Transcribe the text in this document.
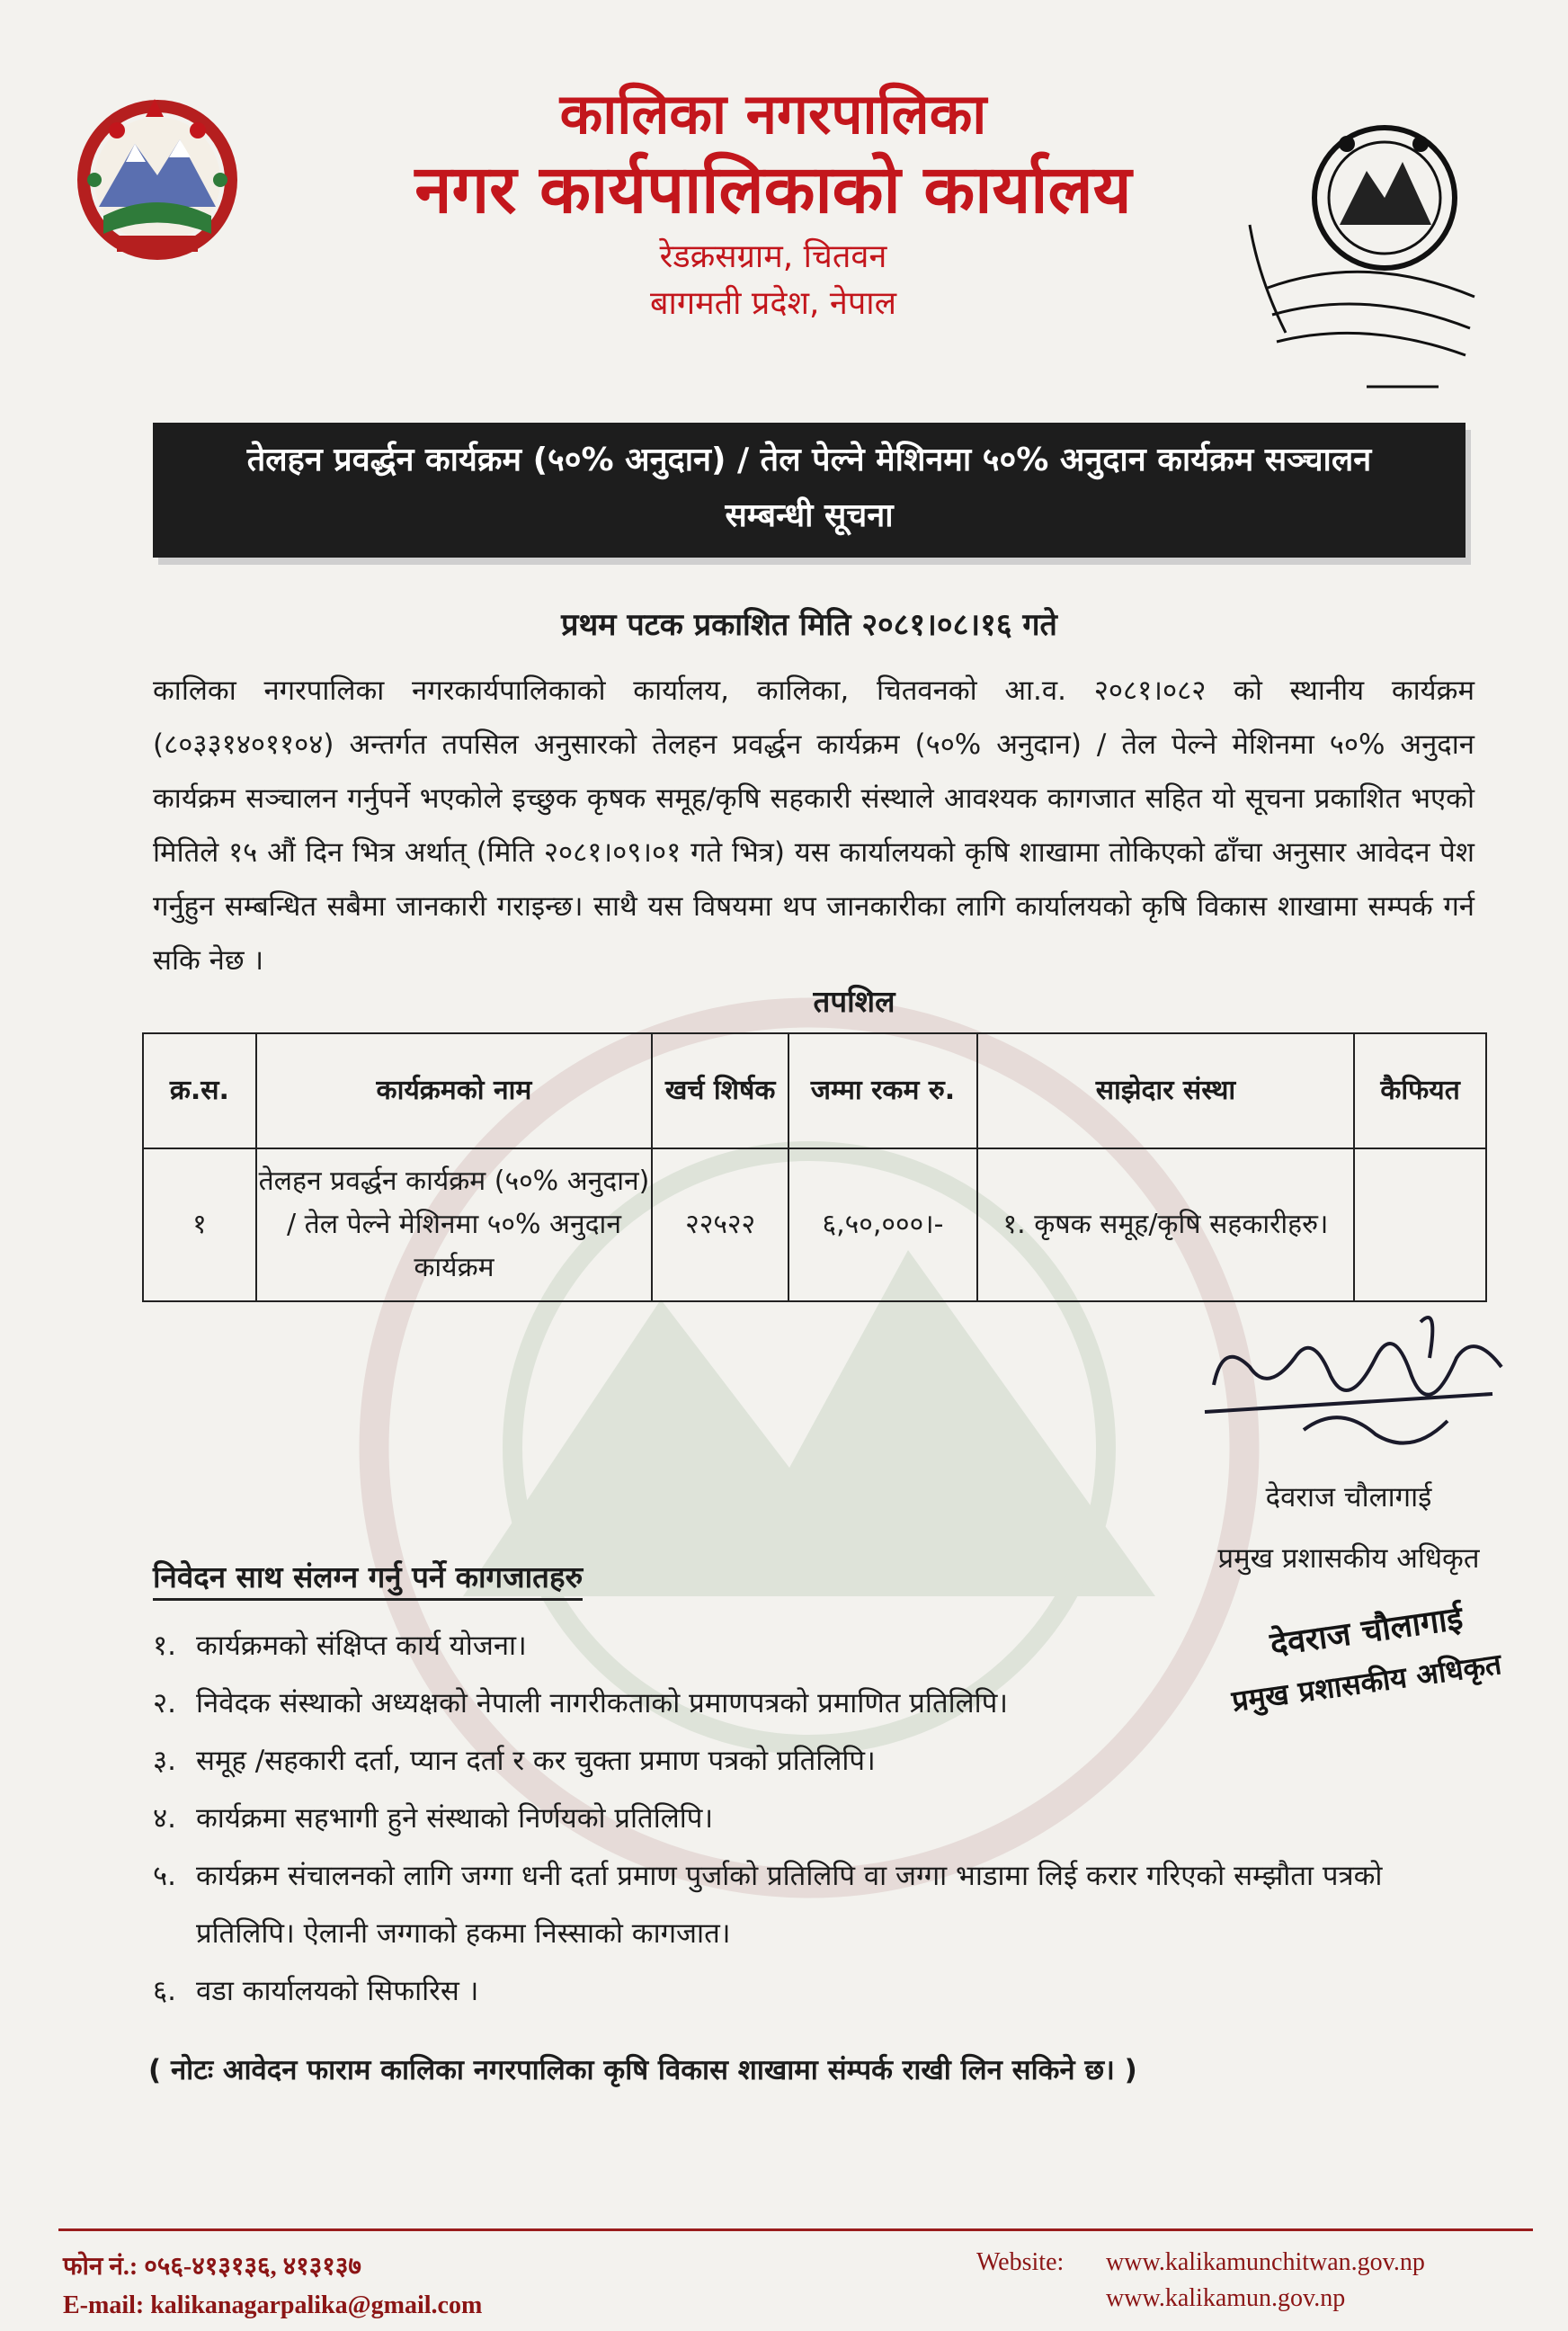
कालिका नगरपालिका
नगर कार्यपालिकाको कार्यालय
रेडक्रसग्राम, चितवन
बागमती प्रदेश, नेपाल
तेलहन प्रवर्द्धन कार्यक्रम (५०% अनुदान) / तेल पेल्ने मेशिनमा ५०% अनुदान कार्यक्रम सञ्चालन
सम्बन्धी सूचना
प्रथम पटक प्रकाशित मिति २०८१।०८।१६ गते
कालिका नगरपालिका नगरकार्यपालिकाको कार्यालय, कालिका, चितवनको आ.व. २०८१।०८२ को स्थानीय कार्यक्रम (८०३३१४०११०४) अन्तर्गत तपसिल अनुसारको तेलहन प्रवर्द्धन कार्यक्रम (५०% अनुदान) / तेल पेल्ने मेशिनमा ५०% अनुदान कार्यक्रम सञ्चालन गर्नुपर्ने भएकोले इच्छुक कृषक समूह/कृषि सहकारी संस्थाले आवश्यक कागजात सहित यो सूचना प्रकाशित भएको मितिले १५ औं दिन भित्र अर्थात् (मिति २०८१।०९।०१ गते भित्र) यस कार्यालयको कृषि शाखामा तोकिएको ढाँचा अनुसार आवेदन पेश गर्नुहुन सम्बन्धित सबैमा जानकारी गराइन्छ। साथै यस विषयमा थप जानकारीका लागि कार्यालयको कृषि विकास शाखामा सम्पर्क गर्न सकि नेछ ।
तपशिल
क्र.स.	कार्यक्रमको नाम	खर्च शिर्षक	जम्मा रकम रु.	साझेदार संस्था	कैफियत
१	तेलहन प्रवर्द्धन कार्यक्रम (५०% अनुदान) / तेल पेल्ने मेशिनमा ५०% अनुदान कार्यक्रम	२२५२२	६,५०,०००।-	१. कृषक समूह/कृषि सहकारीहरु।	
देवराज चौलागाई
प्रमुख प्रशासकीय अधिकृत
देवराज चौलागाई
प्रमुख प्रशासकीय अधिकृत
निवेदन साथ संलग्न गर्नु पर्ने कागजातहरु
१. कार्यक्रमको संक्षिप्त कार्य योजना।
२. निवेदक संस्थाको अध्यक्षको नेपाली नागरीकताको प्रमाणपत्रको प्रमाणित प्रतिलिपि।
३. समूह /सहकारी दर्ता, प्यान दर्ता र कर चुक्ता प्रमाण पत्रको प्रतिलिपि।
४. कार्यक्रमा सहभागी हुने संस्थाको निर्णयको प्रतिलिपि।
५. कार्यक्रम संचालनको लागि जग्गा धनी दर्ता प्रमाण पुर्जाको प्रतिलिपि वा जग्गा भाडामा लिई करार गरिएको सम्झौता पत्रको प्रतिलिपि। ऐलानी जग्गाको हकमा निस्साको कागजात।
६. वडा कार्यालयको सिफारिस ।
( नोटः आवेदन फाराम कालिका नगरपालिका कृषि विकास शाखामा संम्पर्क राखी लिन सकिने छ। )
फोन नं.: ०५६-४१३१३६, ४१३१३७
E-mail: kalikanagarpalika@gmail.com
Website: www.kalikamunchitwan.gov.np
www.kalikamun.gov.np
